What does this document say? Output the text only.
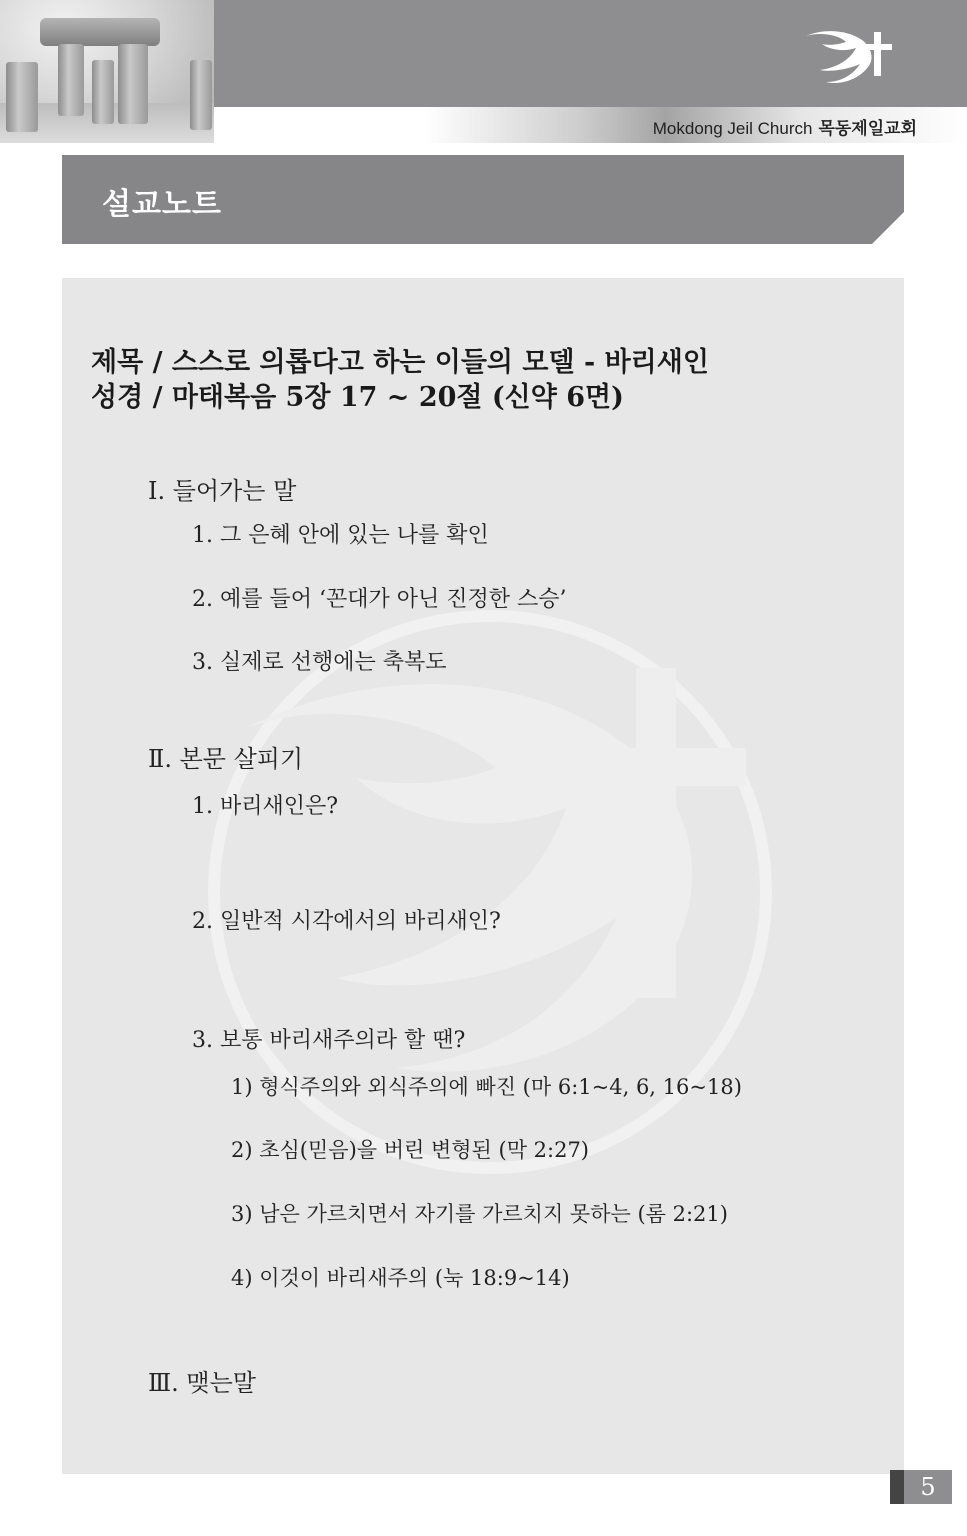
Mokdong Jeil Church 목동제일교회
설교노트
제목 / 스스로 의롭다고 하는 이들의 모델 - 바리새인
성경 / 마태복음 5장 17 ~ 20절 (신약 6면)
Ⅰ. 들어가는 말
1. 그 은혜 안에 있는 나를 확인
2. 예를 들어 ‘꼰대가 아닌 진정한 스승’
3. 실제로 선행에는 축복도
Ⅱ. 본문 살피기
1. 바리새인은?
2. 일반적 시각에서의 바리새인?
3. 보통 바리새주의라 할 땐?
1) 형식주의와 외식주의에 빠진 (마 6:1~4, 6, 16~18)
2) 초심(믿음)을 버린 변형된 (막 2:27)
3) 남은 가르치면서 자기를 가르치지 못하는 (롬 2:21)
4) 이것이 바리새주의 (눅 18:9~14)
Ⅲ. 맺는말
5
